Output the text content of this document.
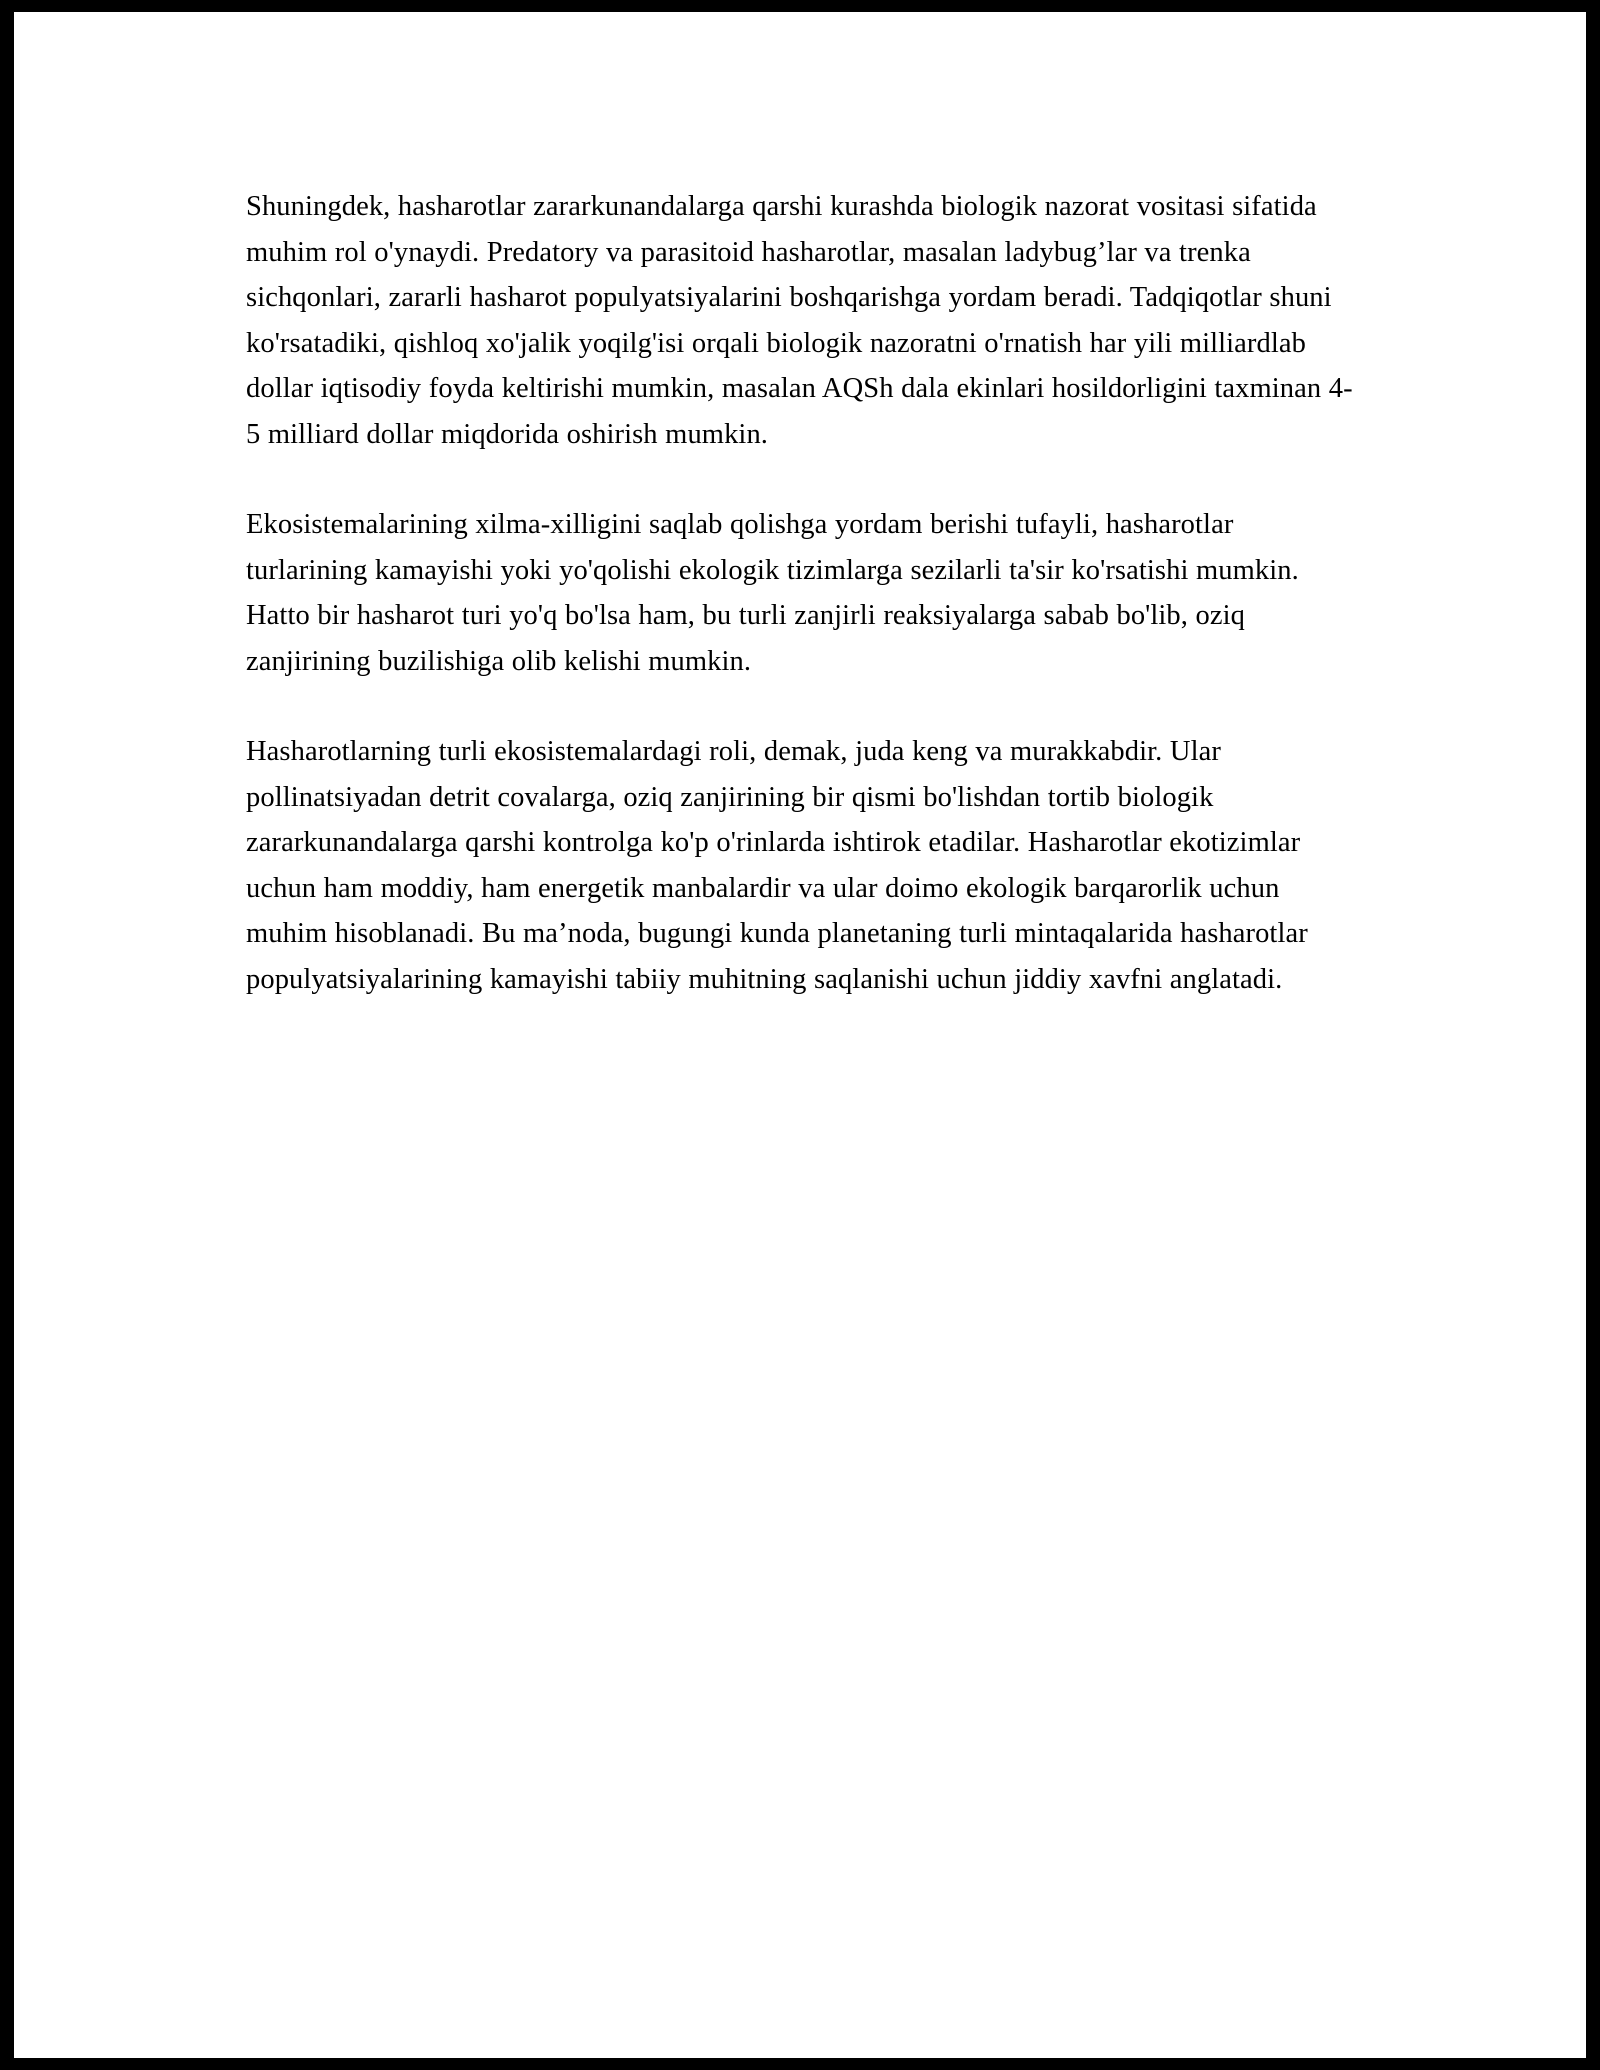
Shuningdek, hasharotlar zararkunandalarga qarshi kurashda biologik nazorat vositasi sifatida muhim rol o'ynaydi. Predatory va parasitoid hasharotlar, masalan ladybug’lar va trenka sichqonlari, zararli hasharot populyatsiyalarini boshqarishga yordam beradi. Tadqiqotlar shuni ko'rsatadiki, qishloq xo'jalik yoqilg'isi orqali biologik nazoratni o'rnatish har yili milliardlab dollar iqtisodiy foyda keltirishi mumkin, masalan AQSh dala ekinlari hosildorligini taxminan 4-5 milliard dollar miqdorida oshirish mumkin.

Ekosistemalarining xilma-xilligini saqlab qolishga yordam berishi tufayli, hasharotlar turlarining kamayishi yoki yo'qolishi ekologik tizimlarga sezilarli ta'sir ko'rsatishi mumkin. Hatto bir hasharot turi yo'q bo'lsa ham, bu turli zanjirli reaksiyalarga sabab bo'lib, oziq zanjirining buzilishiga olib kelishi mumkin.

Hasharotlarning turli ekosistemalardagi roli, demak, juda keng va murakkabdir. Ular pollinatsiyadan detrit covalarga, oziq zanjirining bir qismi bo'lishdan tortib biologik zararkunandalarga qarshi kontrolga ko'p o'rinlarda ishtirok etadilar. Hasharotlar ekotizimlar uchun ham moddiy, ham energetik manbalardir va ular doimo ekologik barqarorlik uchun muhim hisoblanadi. Bu ma’noda, bugungi kunda planetaning turli mintaqalarida hasharotlar populyatsiyalarining kamayishi tabiiy muhitning saqlanishi uchun jiddiy xavfni anglatadi.
